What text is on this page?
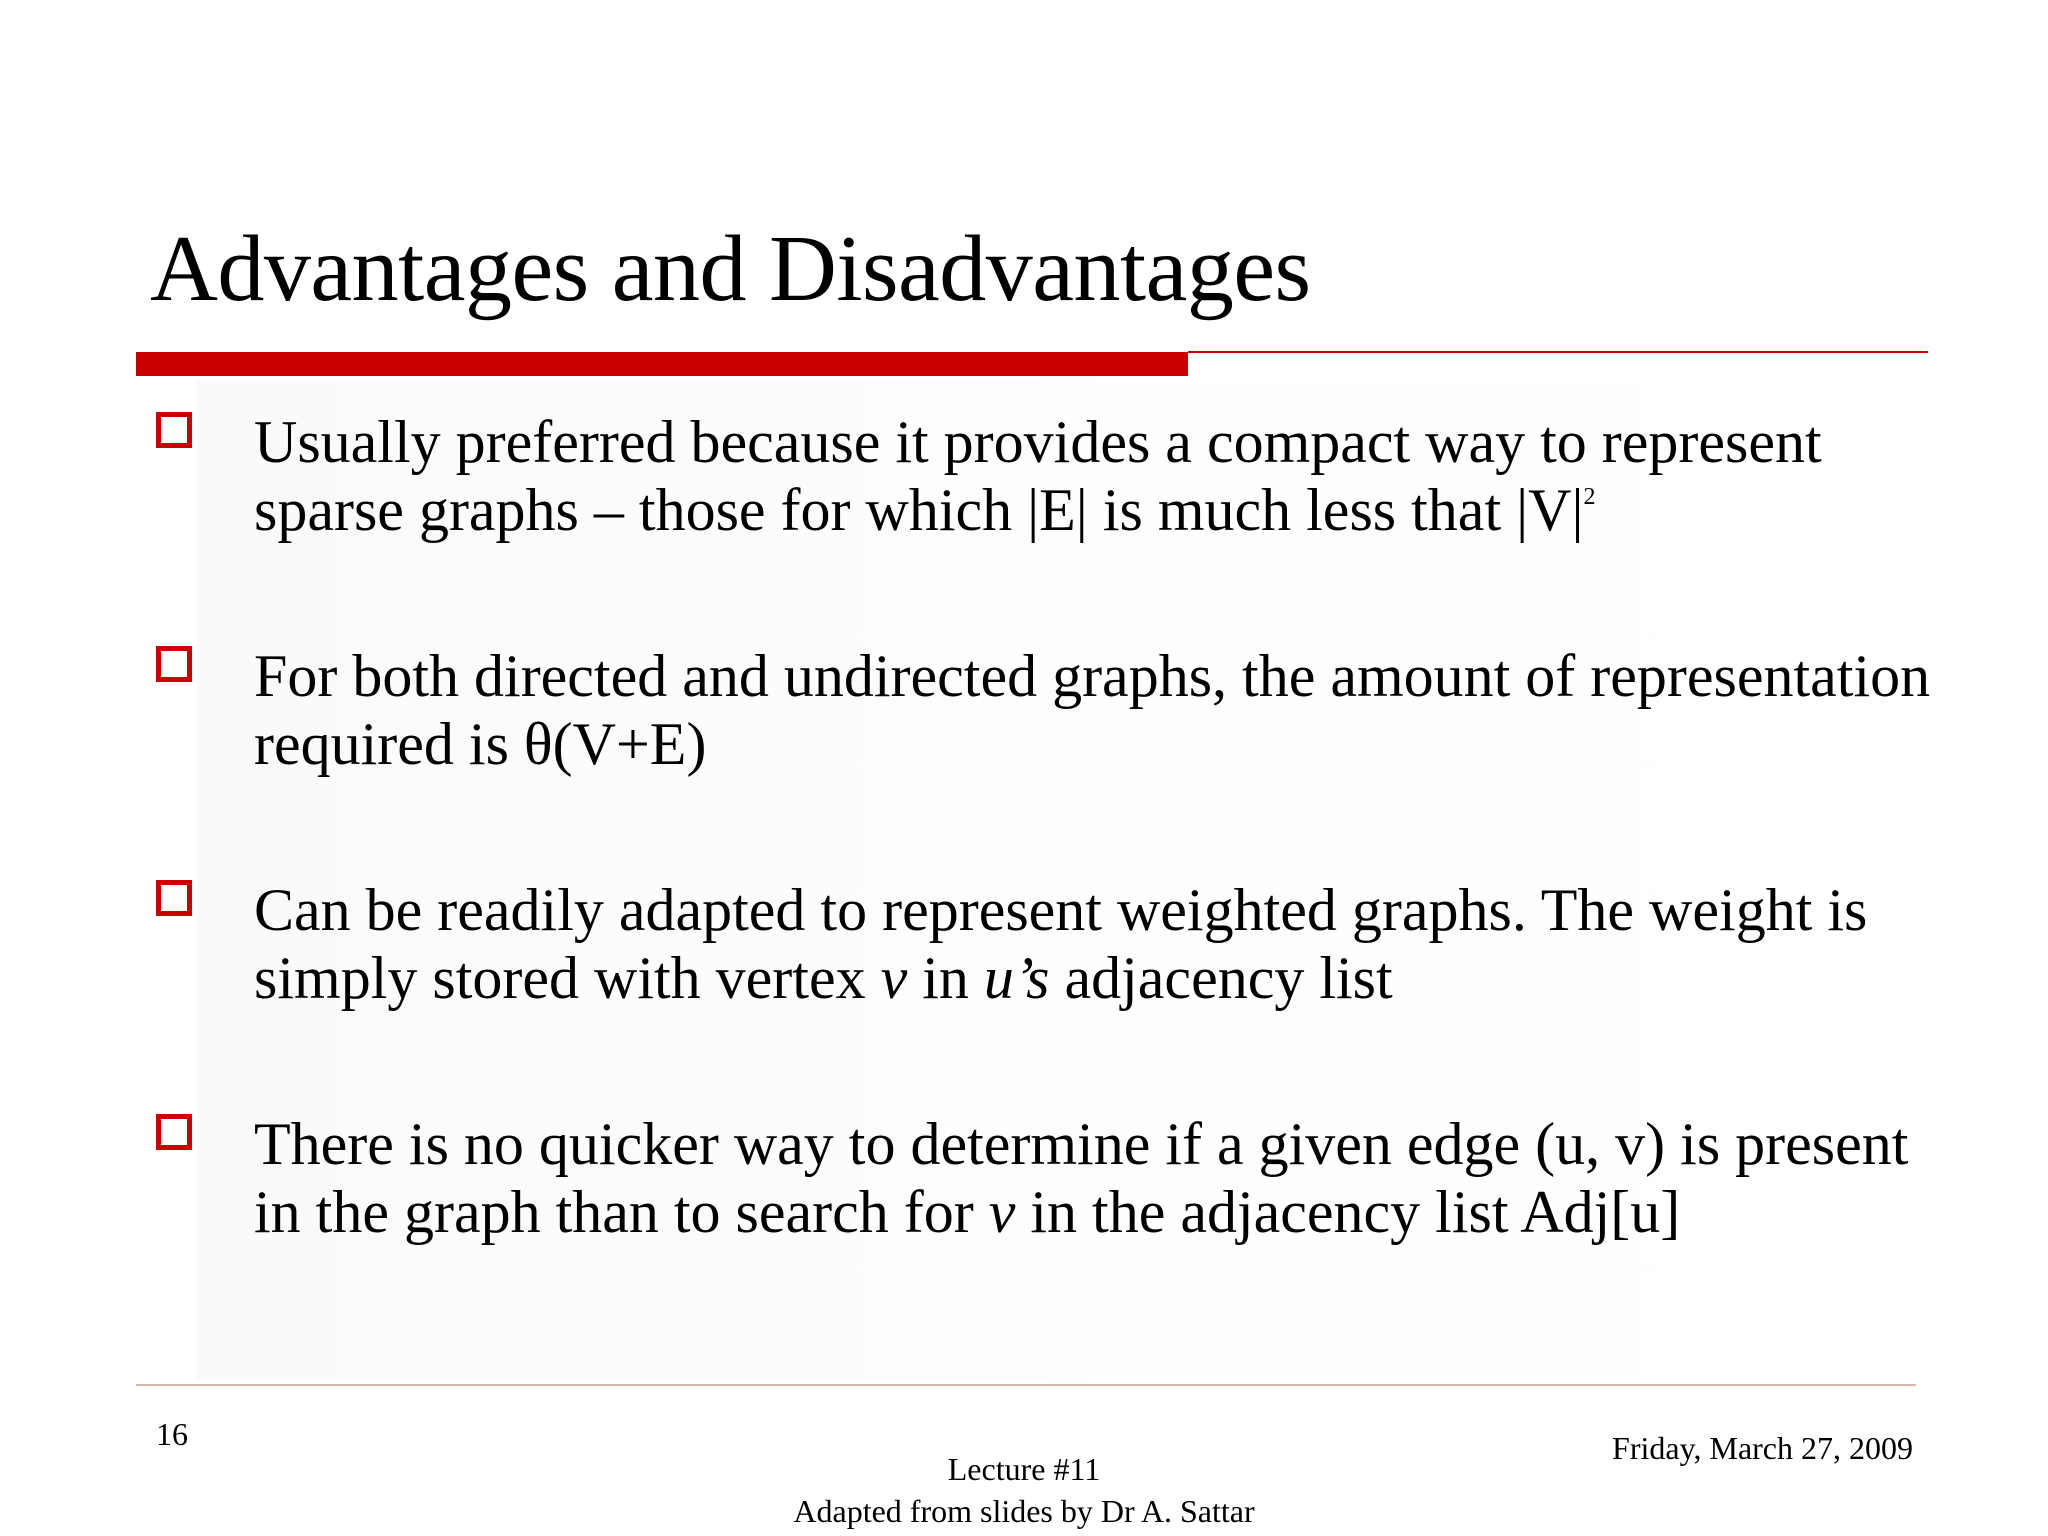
Advantages and Disadvantages
Usually preferred because it provides a compact way to represent sparse graphs – those for which |E| is much less that $|V|^2$
For both directed and undirected graphs, the amount of representation required is θ(V+E)
Can be readily adapted to represent weighted graphs. The weight is simply stored with vertex v in u’s adjacency list
There is no quicker way to determine if a given edge (u, v) is present in the graph than to search for v in the adjacency list Adj[u]
16
Lecture #11
Adapted from slides by Dr A. Sattar
Friday, March 27, 2009
